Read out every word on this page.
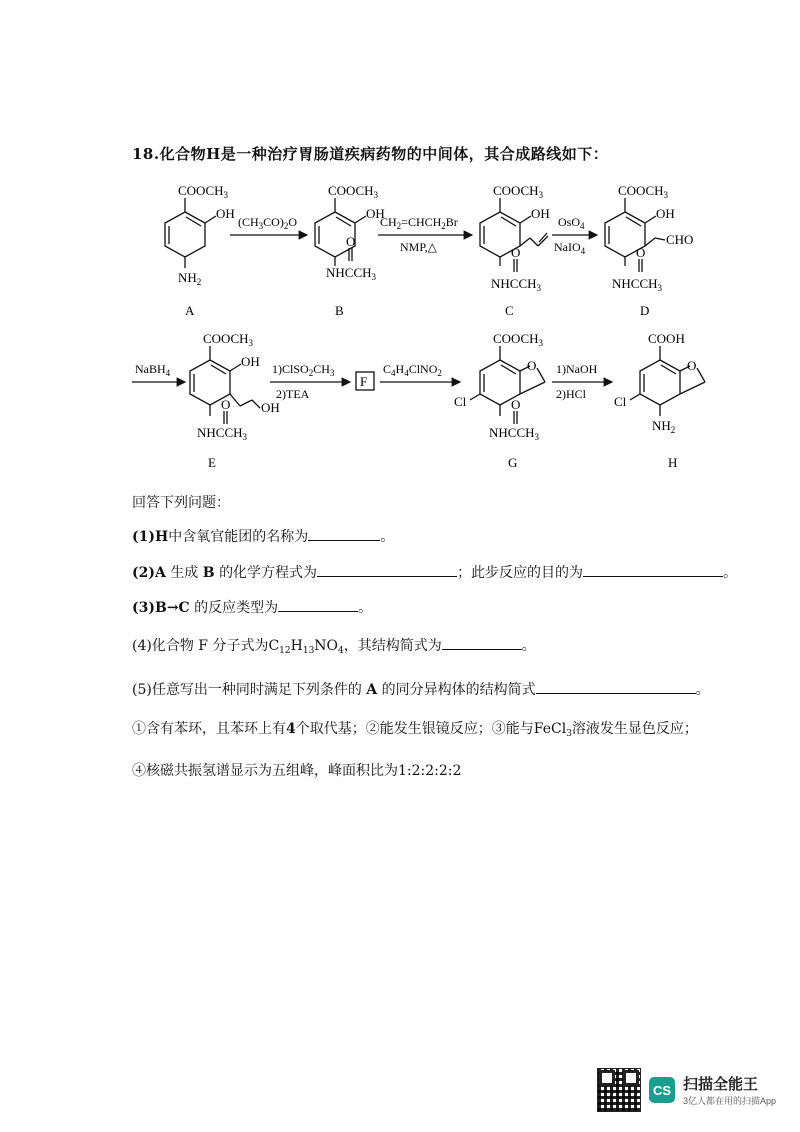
18.化合物H是一种治疗胃肠道疾病药物的中间体，其合成路线如下：
$COOCH_3$
OH
$NH_2$
A
$(CH_3CO)_2O$
$COOCH_3$
OH
O
$NHCCH_3$
B
$CH_2=CHCH_2Br$
NMP,△
$COOCH_3$
OH
O
$NHCCH_3$
C
OsO$_4$
NaIO$_4$
$COOCH_3$
OH
CHO
O
$NHCCH_3$
D
NaBH$_4$
$COOCH_3$
OH
OH
O
$NHCCH_3$
E
$1)ClSO_2CH_3$
2)TEA
F
$C_4H_4ClNO_2$
$COOCH_3$
O
Cl	O
$NHCCH_3$
G
1)NaOH
2)HCl
COOH
O
Cl
$NH_2$
H
回答下列问题：
(1)H中含氧官能团的名称为	。
(2)A 生成 B 的化学方程式为	；此步反应的目的为	。
(3)B→C 的反应类型为	。
(4)化合物 F 分子式为$C_{12}H_{13}NO_4$，其结构简式为	。
(5)任意写出一种同时满足下列条件的 A 的同分异构体的结构简式	。
①含有苯环，且苯环上有4个取代基；②能发生银镜反应；③能与FeCl$_3$溶液发生显色反应；
④核磁共振氢谱显示为五组峰，峰面积比为1:2:2:2:2
CS 扫描全能王
3亿人都在用的扫描App
